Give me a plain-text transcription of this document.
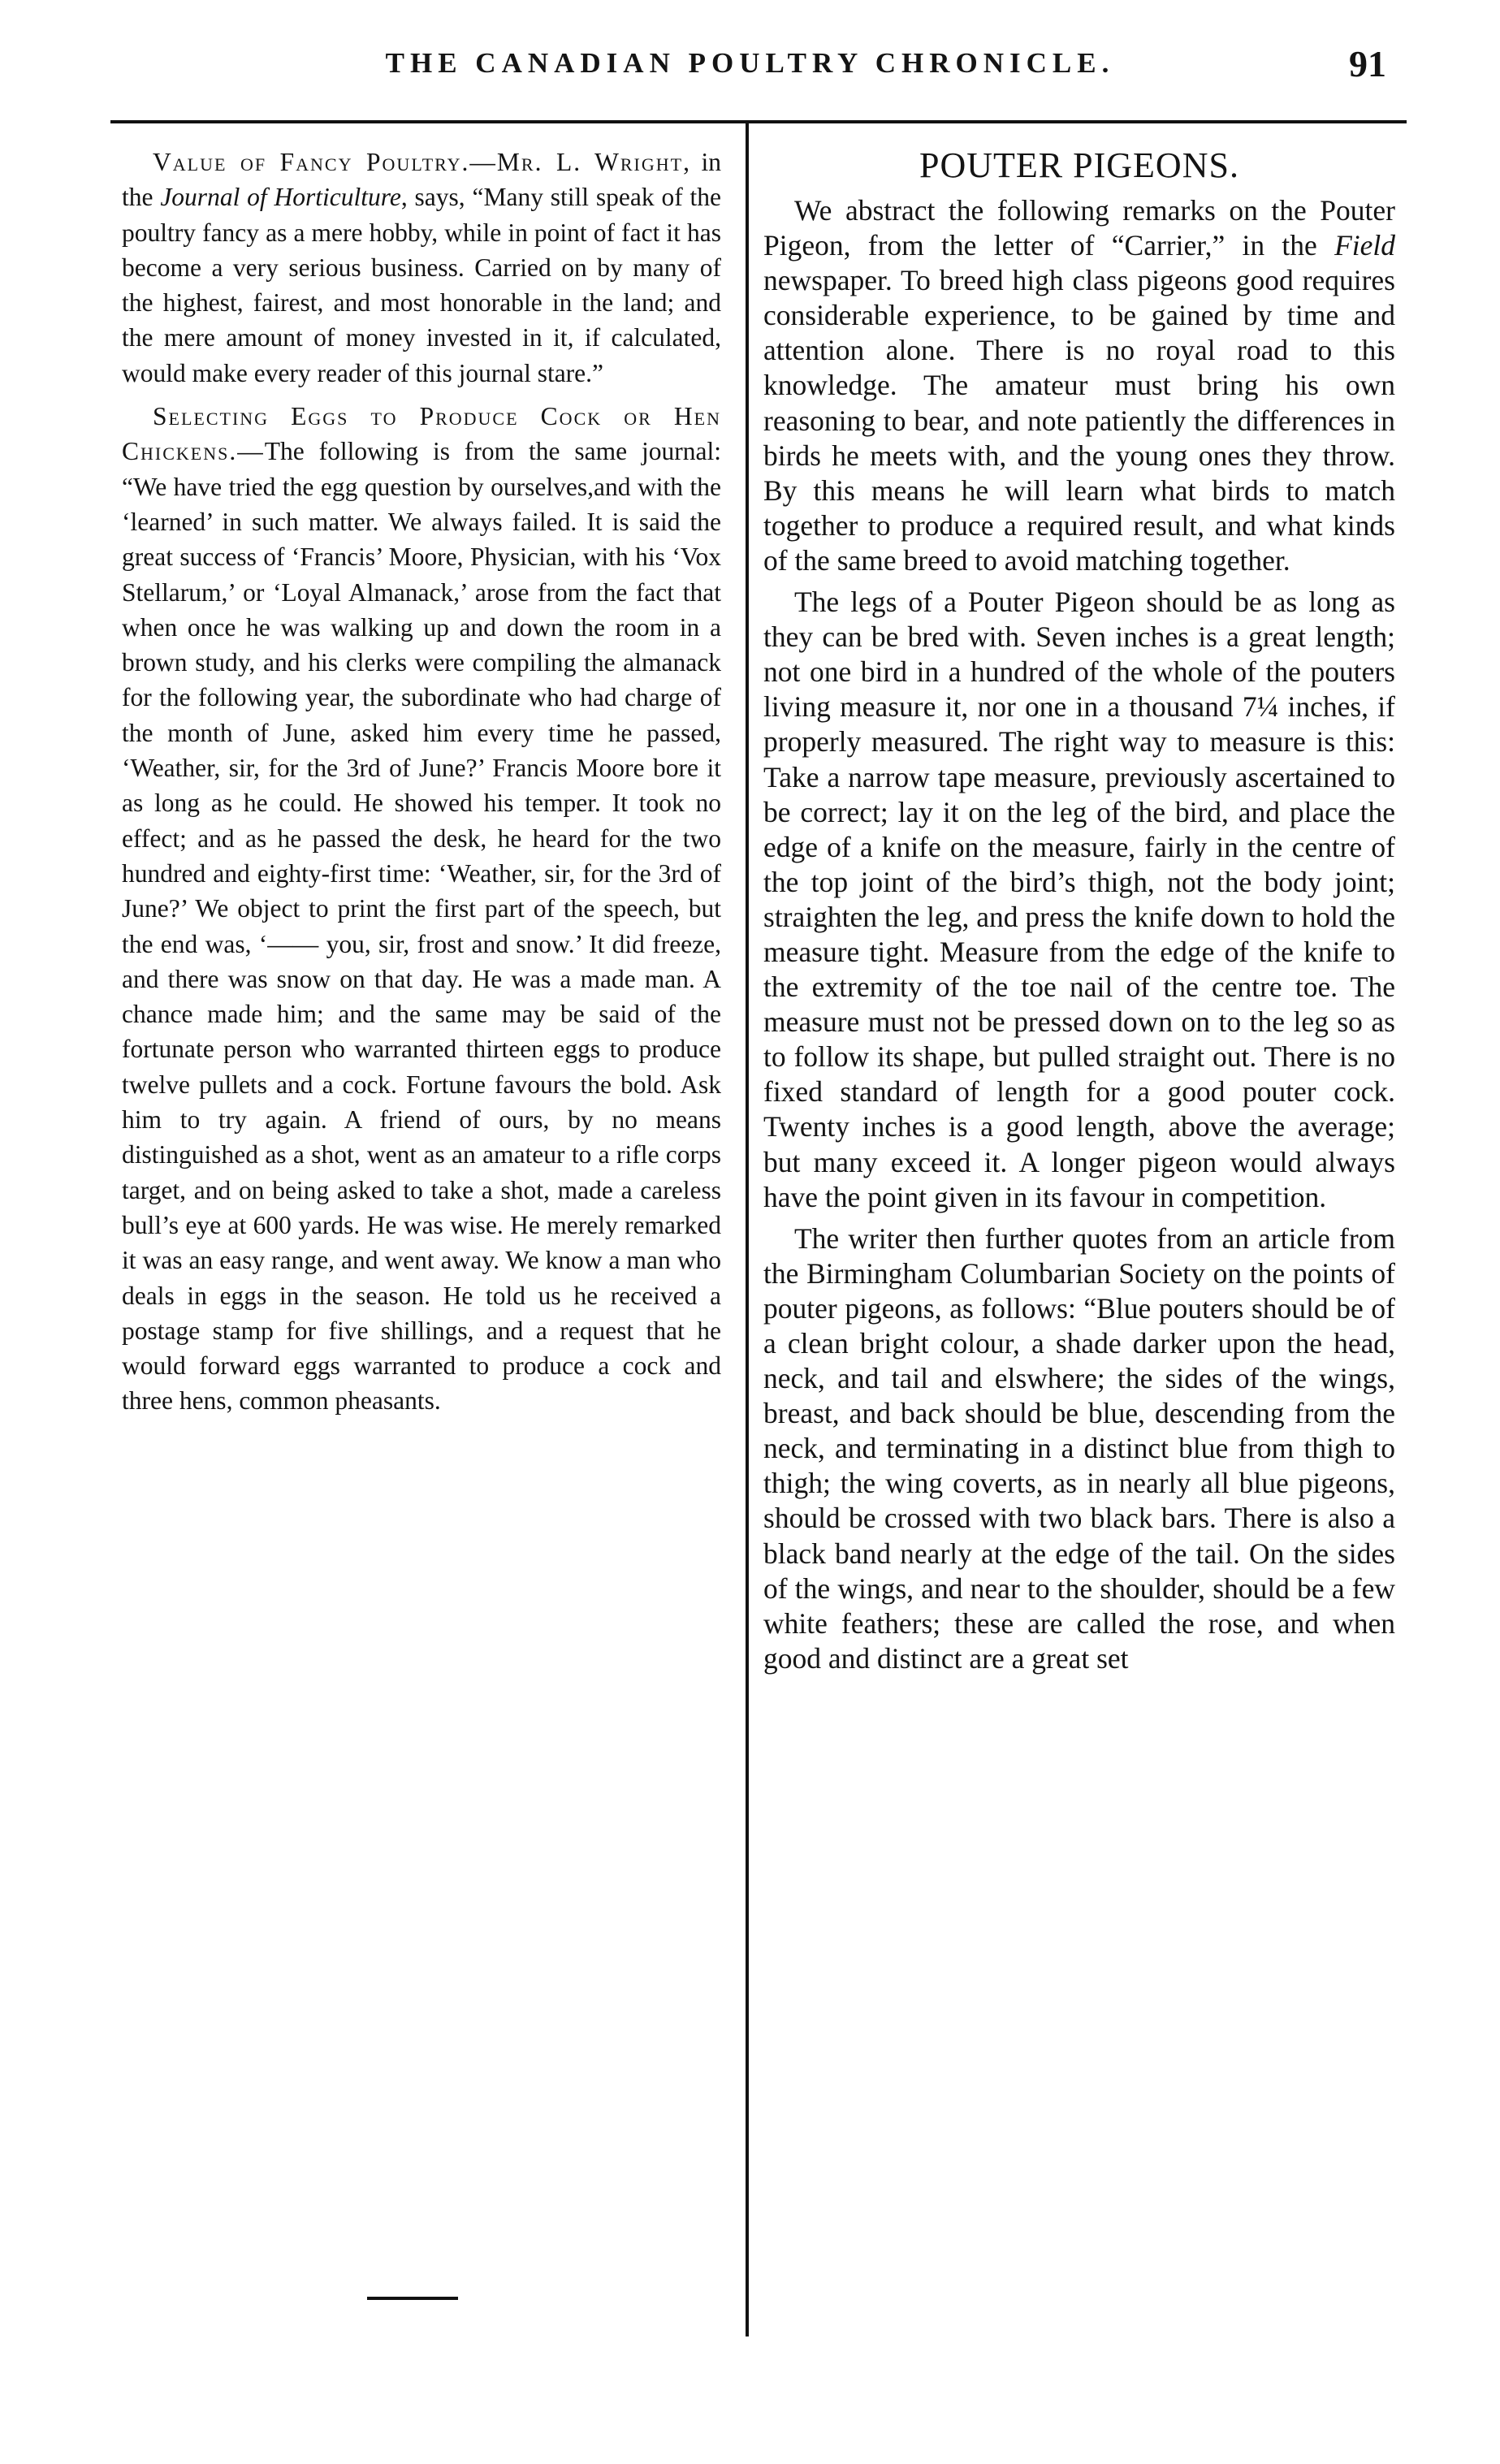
THE CANADIAN POULTRY CHRONICLE.	91

Value of Fancy Poultry.—Mr. L. Wright, in the Journal of Horticulture, says, “Many still speak of the poultry fancy as a mere hobby, while in point of fact it has become a very serious business. Carried on by many of the highest, fairest, and most honorable in the land; and the mere amount of money invested in it, if calculated, would make every reader of this journal stare.”

Selecting Eggs to Produce Cock or Hen Chickens.—The following is from the same journal: “We have tried the egg question by ourselves,and with the ‘learned’ in such matter. We always failed. It is said the great success of ‘Francis’ Moore, Physician, with his ‘Vox Stellarum,’ or ‘Loyal Almanack,’ arose from the fact that when once he was walking up and down the room in a brown study, and his clerks were compiling the almanack for the following year, the subordinate who had charge of the month of June, asked him every time he passed, ‘Weather, sir, for the 3rd of June?’ Francis Moore bore it as long as he could. He showed his temper. It took no effect; and as he passed the desk, he heard for the two hundred and eighty-first time: ‘Weather, sir, for the 3rd of June?’ We object to print the first part of the speech, but the end was, ‘—— you, sir, frost and snow.’ It did freeze, and there was snow on that day. He was a made man. A chance made him; and the same may be said of the fortunate person who warranted thirteen eggs to produce twelve pullets and a cock. Fortune favours the bold. Ask him to try again. A friend of ours, by no means distinguished as a shot, went as an amateur to a rifle corps target, and on being asked to take a shot, made a careless bull’s eye at 600 yards. He was wise. He merely remarked it was an easy range, and went away. We know a man who deals in eggs in the season. He told us he received a postage stamp for five shillings, and a request that he would forward eggs warranted to produce a cock and three hens, common pheasants.

POUTER PIGEONS.

We abstract the following remarks on the Pouter Pigeon, from the letter of “Carrier,” in the Field newspaper. To breed high class pigeons good requires considerable experience, to be gained by time and attention alone. There is no royal road to this knowledge. The amateur must bring his own reasoning to bear, and note patiently the differences in birds he meets with, and the young ones they throw. By this means he will learn what birds to match together to produce a required result, and what kinds of the same breed to avoid matching together.

The legs of a Pouter Pigeon should be as long as they can be bred with. Seven inches is a great length; not one bird in a hundred of the whole of the pouters living measure it, nor one in a thousand 7¼ inches, if properly measured. The right way to measure is this: Take a narrow tape measure, previously ascertained to be correct; lay it on the leg of the bird, and place the edge of a knife on the measure, fairly in the centre of the top joint of the bird’s thigh, not the body joint; straighten the leg, and press the knife down to hold the measure tight. Measure from the edge of the knife to the extremity of the toe nail of the centre toe. The measure must not be pressed down on to the leg so as to follow its shape, but pulled straight out. There is no fixed standard of length for a good pouter cock. Twenty inches is a good length, above the average; but many exceed it. A longer pigeon would always have the point given in its favour in competition.

The writer then further quotes from an article from the Birmingham Columbarian Society on the points of pouter pigeons, as follows: “Blue pouters should be of a clean bright colour, a shade darker upon the head, neck, and tail and elswhere; the sides of the wings, breast, and back should be blue, descending from the neck, and terminating in a distinct blue from thigh to thigh; the wing coverts, as in nearly all blue pigeons, should be crossed with two black bars. There is also a black band nearly at the edge of the tail. On the sides of the wings, and near to the shoulder, should be a few white feathers; these are called the rose, and when good and distinct are a great set
